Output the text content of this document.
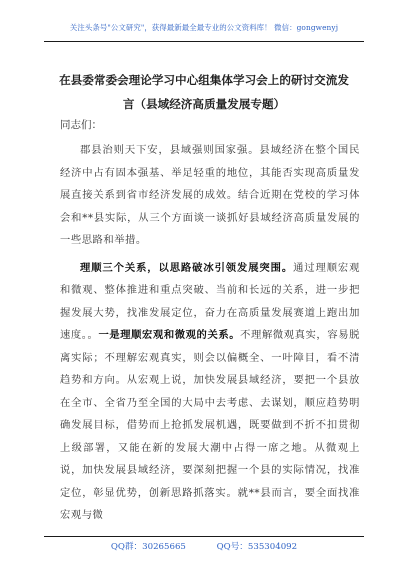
关注头条号"公文研究"，获得最新最全最专业的公文资料库！ 微信：gongwenyj
在县委常委会理论学习中心组集体学习会上的研讨交流发
言（县域经济高质量发展专题）
同志们：

郡县治则天下安，县域强则国家强。县域经济在整个国民经济中占有固本强基、举足轻重的地位，其能否实现高质量发展直接关系到省市经济发展的成效。结合近期在党校的学习体会和**县实际，从三个方面谈一谈抓好县域经济高质量发展的一些思路和举措。

理顺三个关系，以思路破冰引领发展突围。通过理顺宏观和微观、整体推进和重点突破、当前和长远的关系，进一步把握发展大势，找准发展定位，奋力在高质量发展赛道上跑出加速度。。一是理顺宏观和微观的关系。不理解微观真实，容易脱离实际；不理解宏观真实，则会以偏概全、一叶障目，看不清趋势和方向。从宏观上说，加快发展县域经济，要把一个县放在全市、全省乃至全国的大局中去考虑、去谋划，顺应趋势明确发展目标，借势而上抢抓发展机遇，既要做到不折不扣贯彻上级部署，又能在新的发展大潮中占得一席之地。从微观上说，加快发展县域经济，要深刻把握一个县的实际情况，找准定位，彰显优势，创新思路抓落实。就**县而言，要全面找准宏观与微

QQ群：30265665	QQ号：535304092
